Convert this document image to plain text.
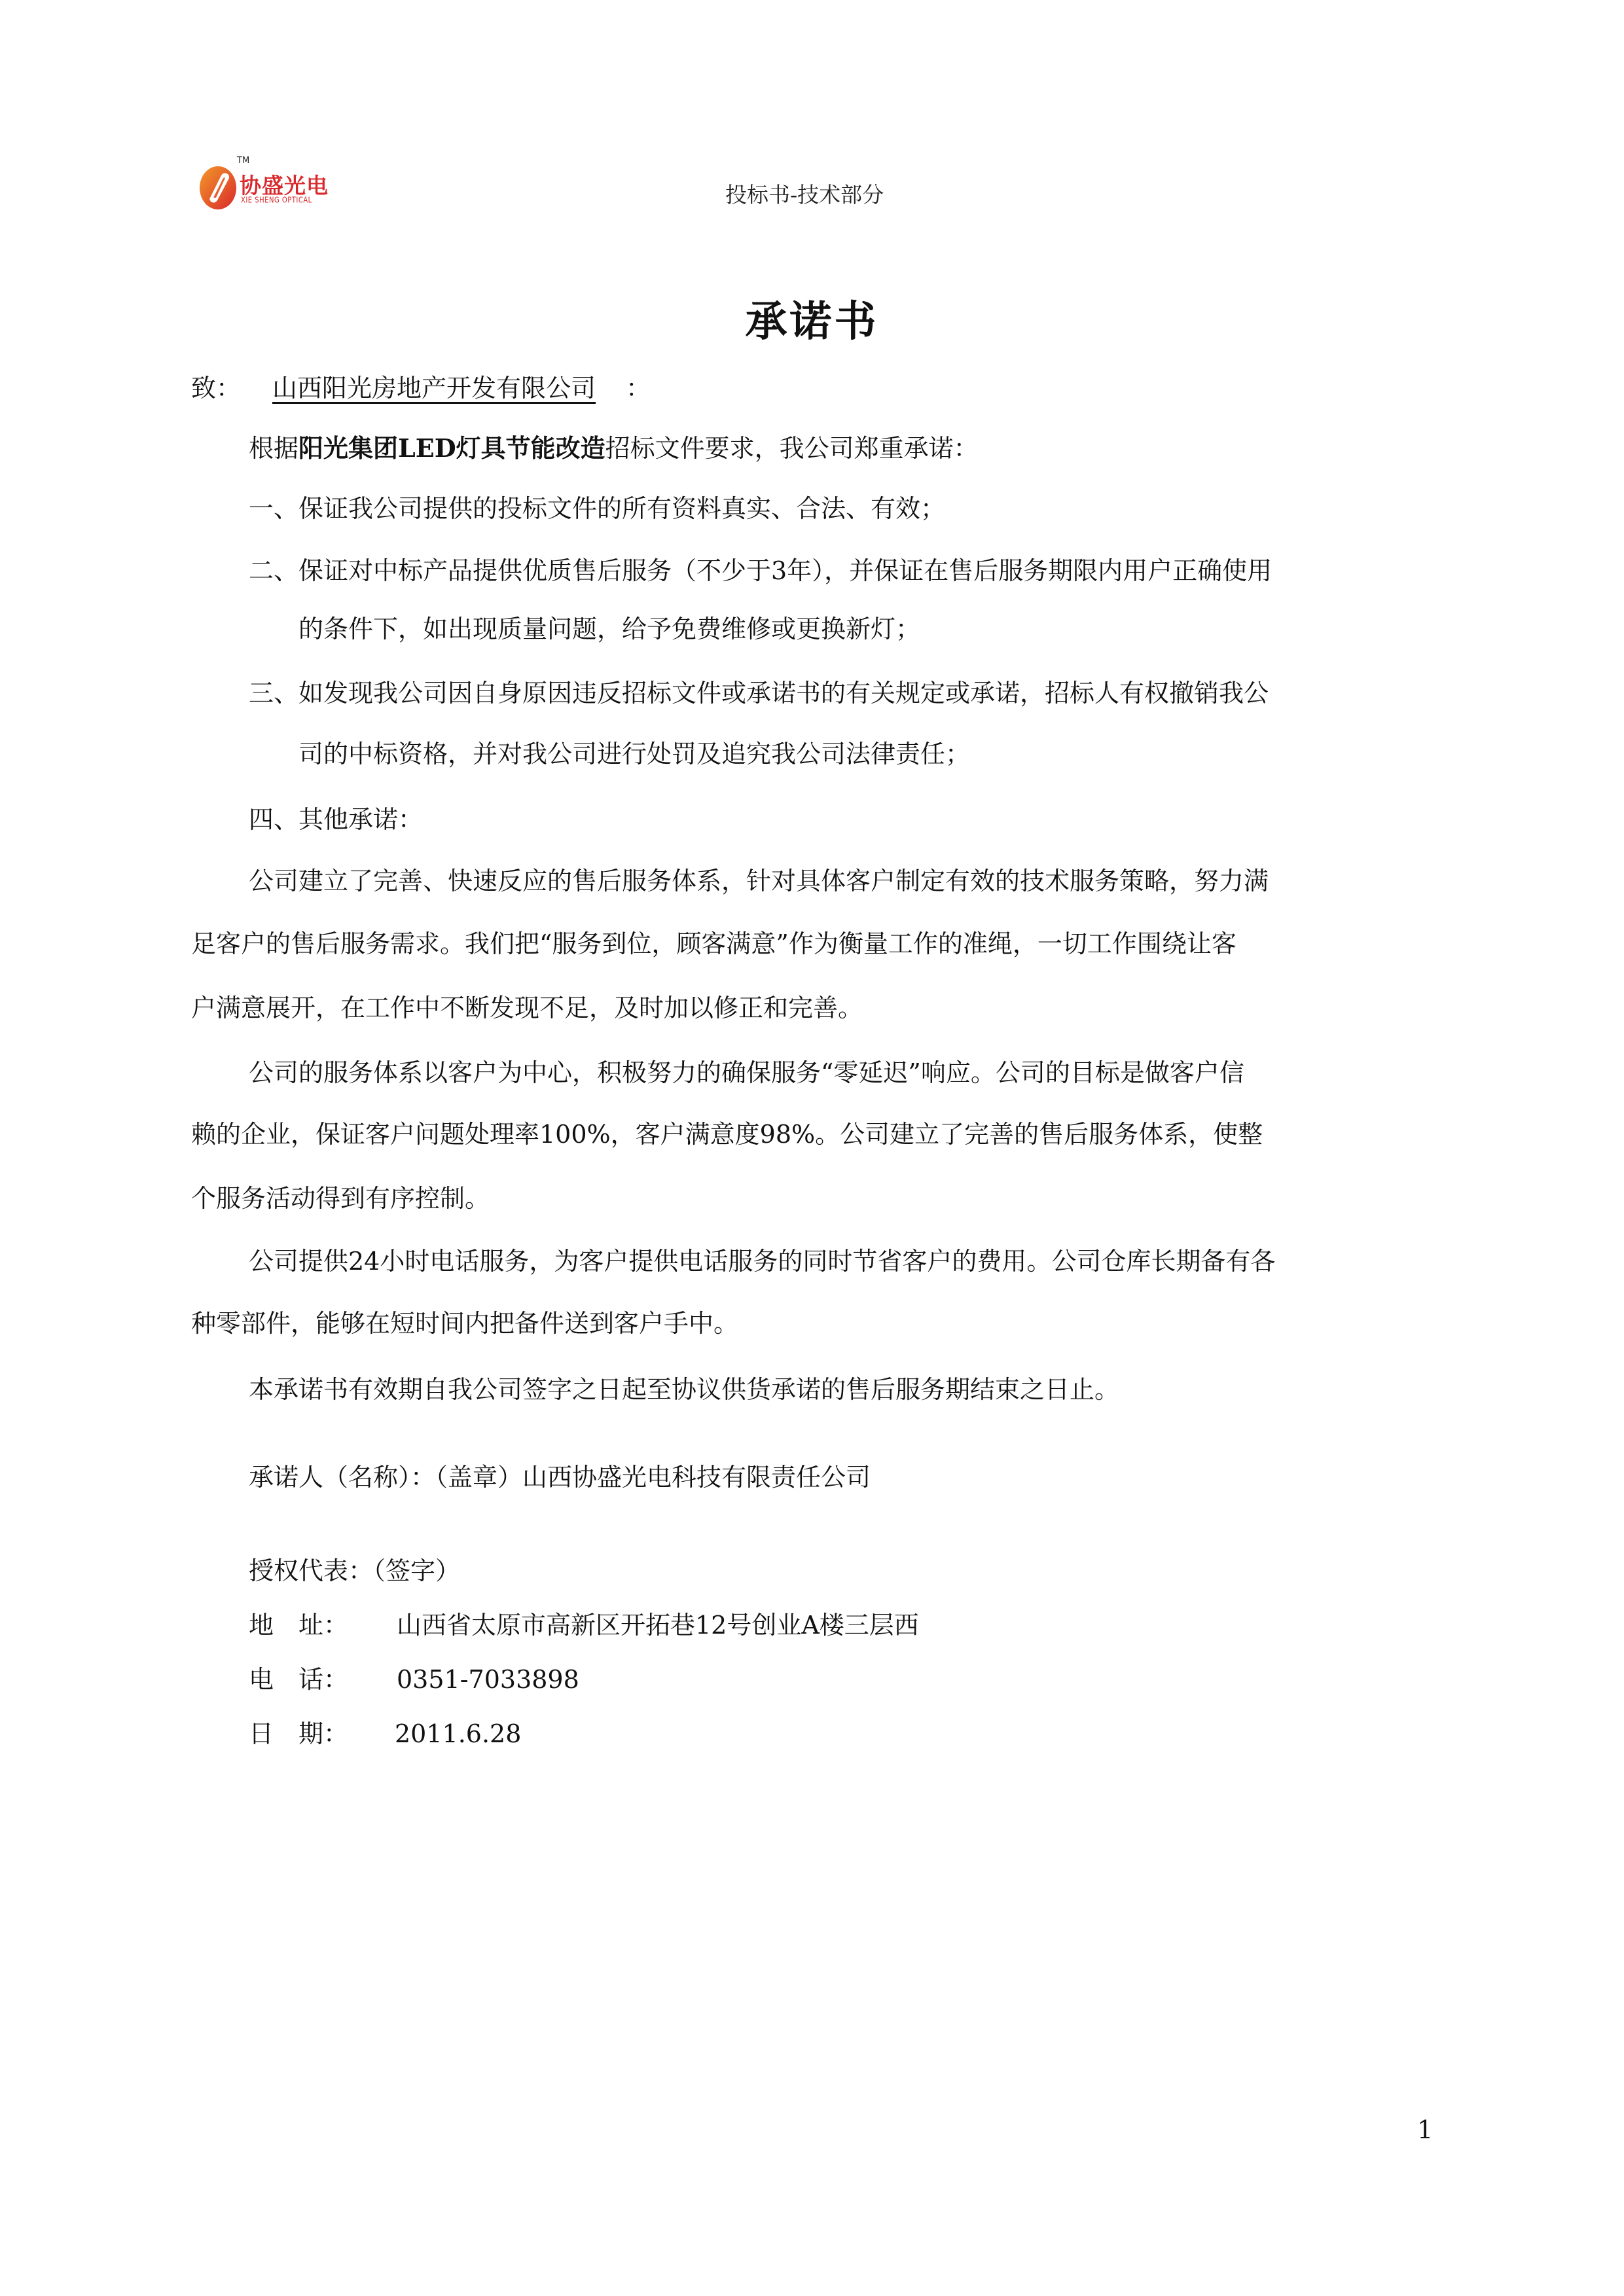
TM
协盛光电
XIE SHENG OPTICAL	投标书-技术部分
承诺书
致： 山西阳光房地产开发有限公司 ：
根据阳光集团LED灯具节能改造招标文件要求，我公司郑重承诺：
一、保证我公司提供的投标文件的所有资料真实、合法、有效；
二、保证对中标产品提供优质售后服务（不少于3年），并保证在售后服务期限内用户正确使用
的条件下，如出现质量问题，给予免费维修或更换新灯；
三、如发现我公司因自身原因违反招标文件或承诺书的有关规定或承诺，招标人有权撤销我公
司的中标资格，并对我公司进行处罚及追究我公司法律责任；
四、其他承诺：
公司建立了完善、快速反应的售后服务体系，针对具体客户制定有效的技术服务策略，努力满
足客户的售后服务需求。我们把“服务到位，顾客满意”作为衡量工作的准绳，一切工作围绕让客
户满意展开，在工作中不断发现不足，及时加以修正和完善。
公司的服务体系以客户为中心，积极努力的确保服务“零延迟”响应。公司的目标是做客户信
赖的企业，保证客户问题处理率100%，客户满意度98%。公司建立了完善的售后服务体系，使整
个服务活动得到有序控制。
公司提供24小时电话服务，为客户提供电话服务的同时节省客户的费用。公司仓库长期备有各
种零部件，能够在短时间内把备件送到客户手中。
本承诺书有效期自我公司签字之日起至协议供货承诺的售后服务期结束之日止。
承诺人（名称）：（盖章）山西协盛光电科技有限责任公司
授权代表：（签字）
地　址： 山西省太原市高新区开拓巷12号创业A楼三层西
电　话： 0351-7033898
日　期： 2011.6.28
1
